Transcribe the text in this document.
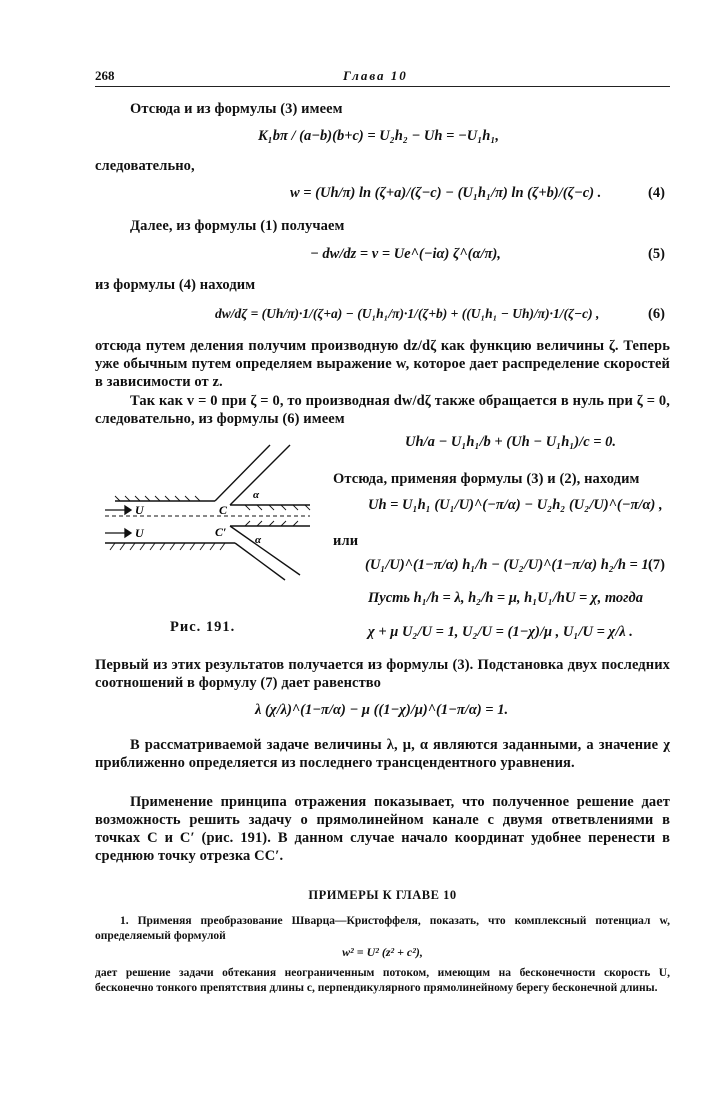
268	Глава 10
Отсюда и из формулы (3) имеем
K₁bπ / (a−b)(b+c) = U₂h₂ − Uh = −U₁h₁,
следовательно,
w = (Uh/π) ln (ζ+a)/(ζ−c) − (U₁h₁/π) ln (ζ+b)/(ζ−c) .	(4)
Далее, из формулы (1) получаем
− dw/dz = v = Ue^(−iα) ζ^(α/π),	(5)
из формулы (4) находим
dw/dζ = (Uh/π)·1/(ζ+a) − (U₁h₁/π)·1/(ζ+b) + ((U₁h₁ − Uh)/π)·1/(ζ−c) ,	(6)
отсюда путем деления получим производную dz/dζ как функцию величины ζ. Теперь уже обычным путем определяем выражение w, которое дает распределение скоростей в зависимости от z.
Так как v = 0 при ζ = 0, то производная dw/dζ также обращается в нуль при ζ = 0, следовательно, из формулы (6) имеем
Uh/a − U₁h₁/b + (Uh − U₁h₁)/c = 0.
U
U
C
C′
α
α
Рис. 191.
Отсюда, применяя формулы (3) и (2), находим
Uh = U₁h₁ (U₁/U)^(−π/α) − U₂h₂ (U₂/U)^(−π/α) ,
или
(U₁/U)^(1−π/α) h₁/h − (U₂/U)^(1−π/α) h₂/h = 1.
(7)
Пусть h₁/h = λ, h₂/h = μ, h₁U₁/hU = χ, тогда
χ + μ U₂/U = 1, U₂/U = (1−χ)/μ , U₁/U = χ/λ .
Первый из этих результатов получается из формулы (3). Подстановка двух последних соотношений в формулу (7) дает равенство
λ (χ/λ)^(1−π/α) − μ ((1−χ)/μ)^(1−π/α) = 1.
В рассматриваемой задаче величины λ, μ, α являются заданными, а значение χ приближенно определяется из последнего трансцендентного уравнения.
Применение принципа отражения показывает, что полученное решение дает возможность решить задачу о прямолинейном канале с двумя ответвлениями в точках C и C′ (рис. 191). В данном случае начало координат удобнее перенести в среднюю точку отрезка CC′.
ПРИМЕРЫ К ГЛАВЕ 10
1. Применяя преобразование Шварца—Кристоффеля, показать, что комплексный потенциал w, определяемый формулой
w² = U² (z² + c²),
дает решение задачи обтекания неограниченным потоком, имеющим на бесконечности скорость U, бесконечно тонкого препятствия длины c, перпендикулярного прямолинейному берегу бесконечной длины.
